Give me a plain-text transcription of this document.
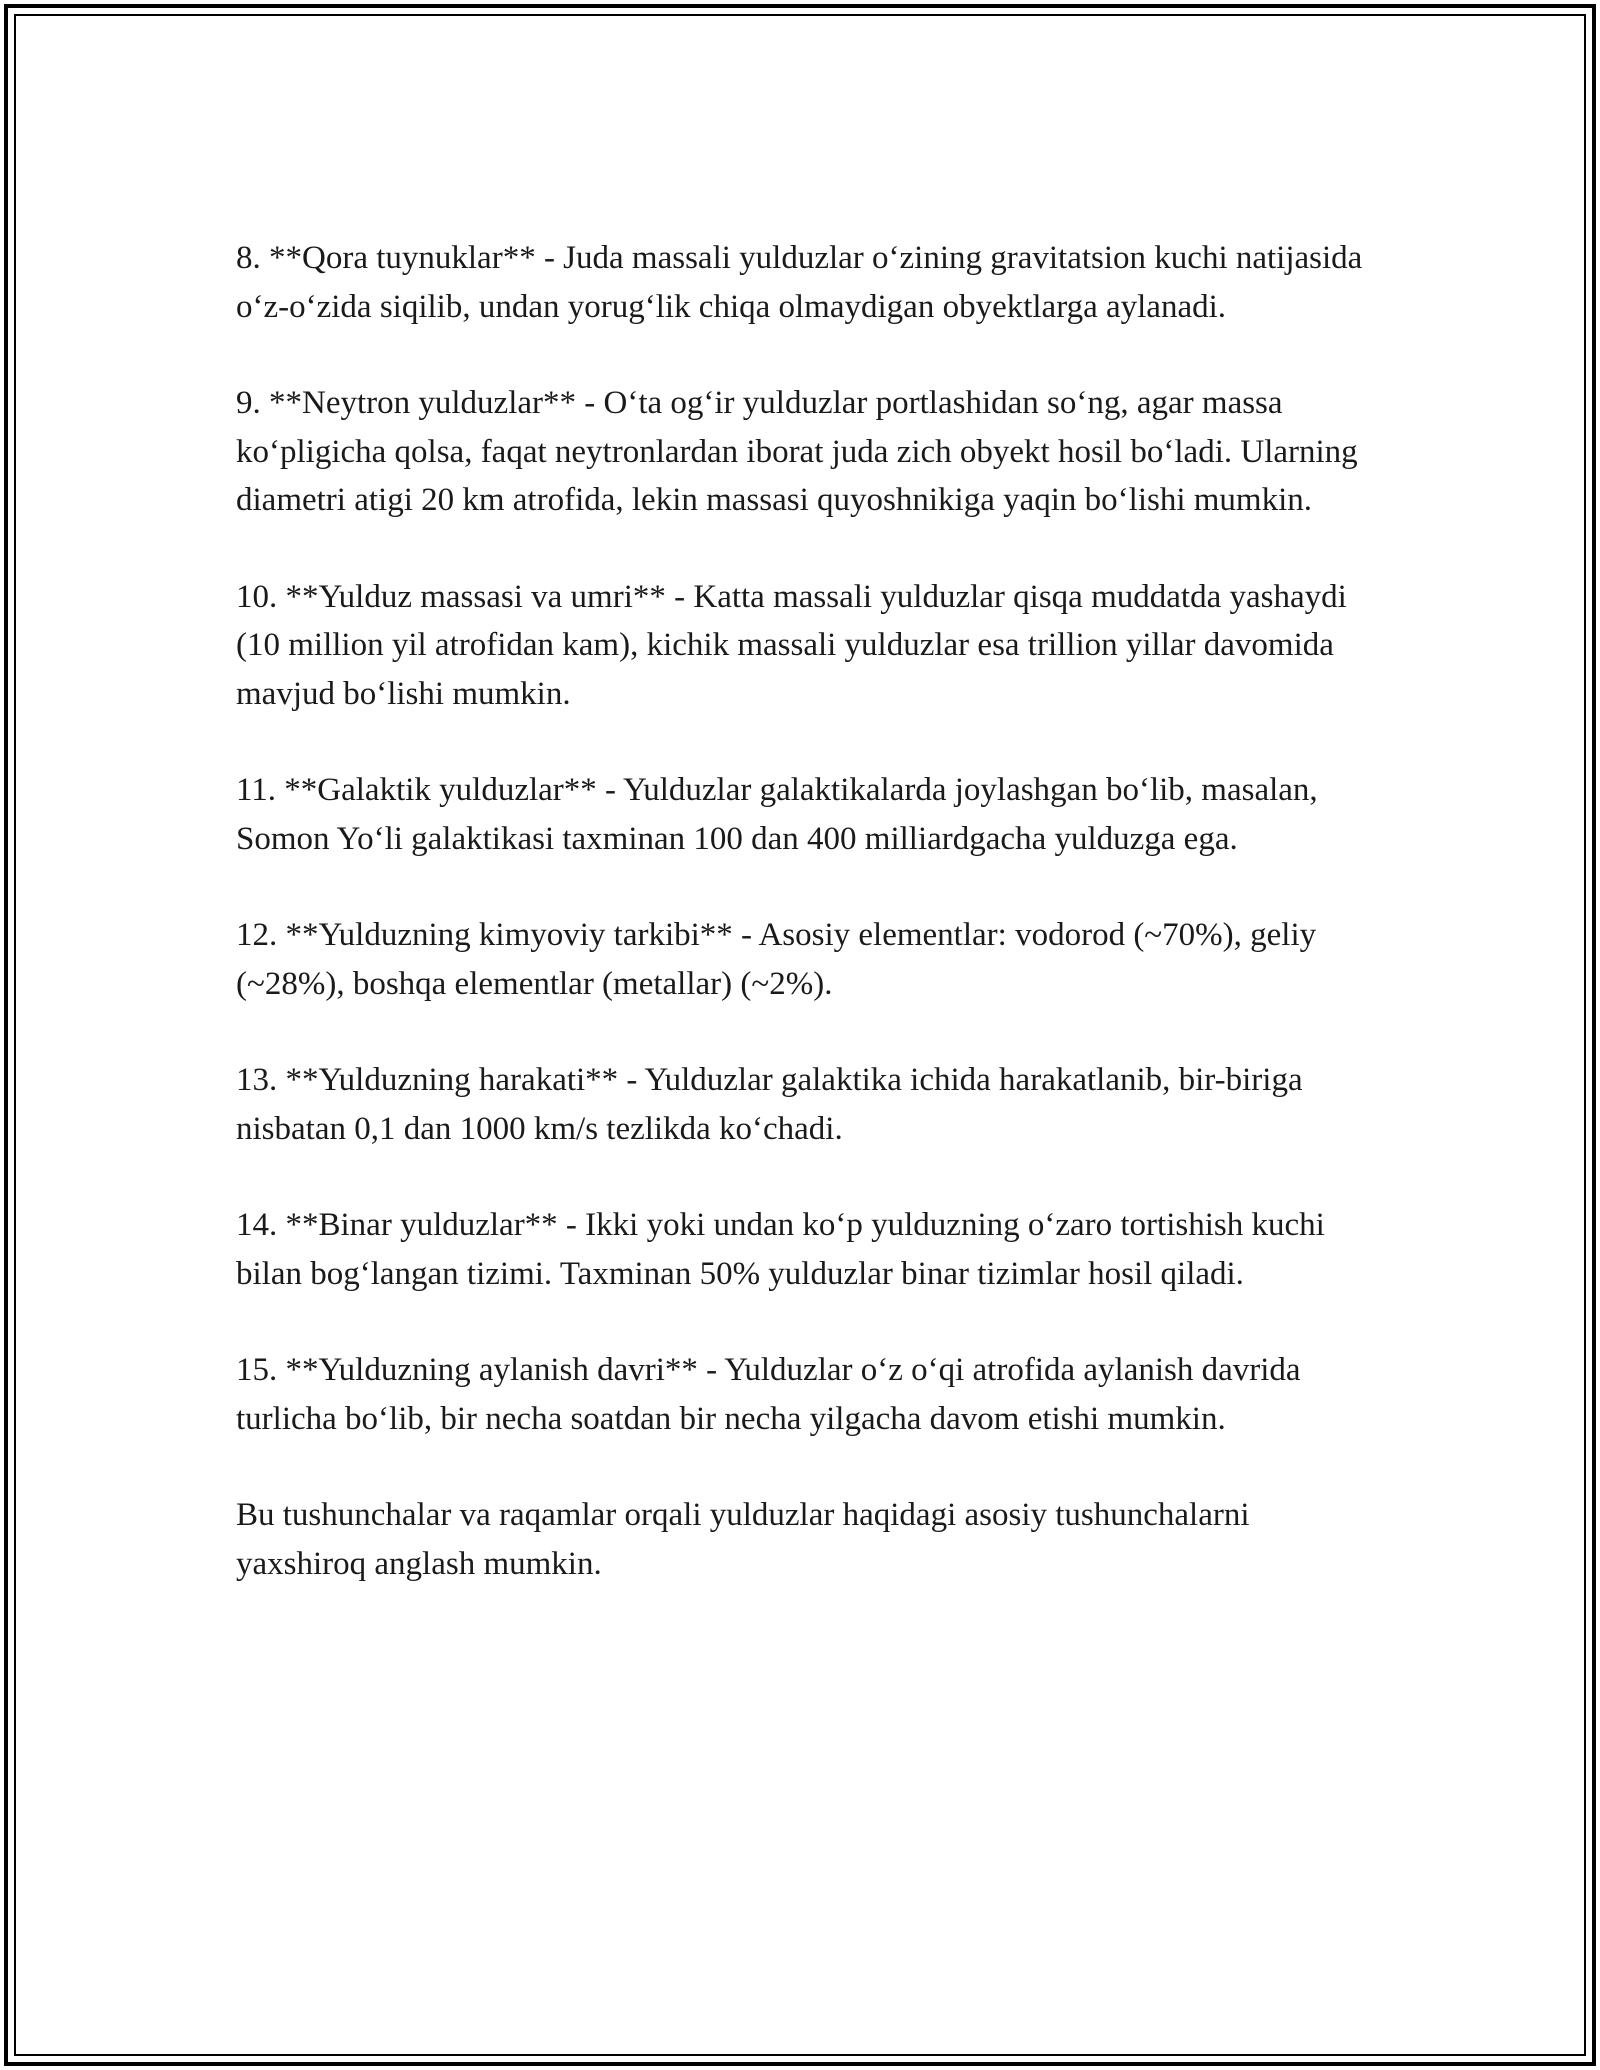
8. **Qora tuynuklar** - Juda massali yulduzlar o‘zining gravitatsion kuchi natijasida o‘z-o‘zida siqilib, undan yorug‘lik chiqa olmaydigan obyektlarga aylanadi.

9. **Neytron yulduzlar** - O‘ta og‘ir yulduzlar portlashidan so‘ng, agar massa ko‘pligicha qolsa, faqat neytronlardan iborat juda zich obyekt hosil bo‘ladi. Ularning diametri atigi 20 km atrofida, lekin massasi quyoshnikiga yaqin bo‘lishi mumkin.

10. **Yulduz massasi va umri** - Katta massali yulduzlar qisqa muddatda yashaydi (10 million yil atrofidan kam), kichik massali yulduzlar esa trillion yillar davomida mavjud bo‘lishi mumkin.

11. **Galaktik yulduzlar** - Yulduzlar galaktikalarda joylashgan bo‘lib, masalan, Somon Yo‘li galaktikasi taxminan 100 dan 400 milliardgacha yulduzga ega.

12. **Yulduzning kimyoviy tarkibi** - Asosiy elementlar: vodorod (~70%), geliy (~28%), boshqa elementlar (metallar) (~2%).

13. **Yulduzning harakati** - Yulduzlar galaktika ichida harakatlanib, bir-biriga nisbatan 0,1 dan 1000 km/s tezlikda ko‘chadi.

14. **Binar yulduzlar** - Ikki yoki undan ko‘p yulduzning o‘zaro tortishish kuchi bilan bog‘langan tizimi. Taxminan 50% yulduzlar binar tizimlar hosil qiladi.

15. **Yulduzning aylanish davri** - Yulduzlar o‘z o‘qi atrofida aylanish davrida turlicha bo‘lib, bir necha soatdan bir necha yilgacha davom etishi mumkin.

Bu tushunchalar va raqamlar orqali yulduzlar haqidagi asosiy tushunchalarni yaxshiroq anglash mumkin.
